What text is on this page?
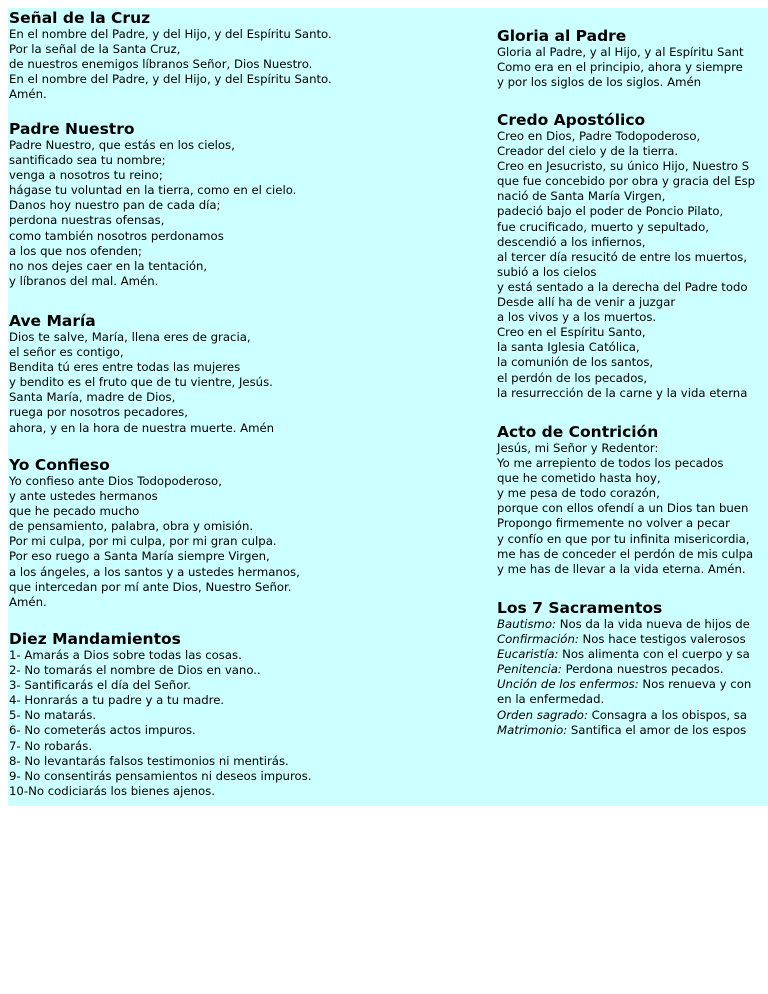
Señal de la Cruz
En el nombre del Padre, y del Hijo, y del Espíritu Santo.
Por la señal de la Santa Cruz,
de nuestros enemigos líbranos Señor, Dios Nuestro.
En el nombre del Padre, y del Hijo, y del Espíritu Santo.
Amén.
Padre Nuestro
Padre Nuestro, que estás en los cielos,
santificado sea tu nombre;
venga a nosotros tu reino;
hágase tu voluntad en la tierra, como en el cielo.
Danos hoy nuestro pan de cada día;
perdona nuestras ofensas,
como también nosotros perdonamos
a los que nos ofenden;
no nos dejes caer en la tentación,
y líbranos del mal. Amén.
Ave María
Dios te salve, María, llena eres de gracia,
el señor es contigo,
Bendita tú eres entre todas las mujeres
y bendito es el fruto que de tu vientre, Jesús.
Santa María, madre de Dios,
ruega por nosotros pecadores,
ahora, y en la hora de nuestra muerte. Amén
Yo Confieso
Yo confieso ante Dios Todopoderoso,
y ante ustedes hermanos
que he pecado mucho
de pensamiento, palabra, obra y omisión.
Por mi culpa, por mi culpa, por mi gran culpa.
Por eso ruego a Santa María siempre Virgen,
a los ángeles, a los santos y a ustedes hermanos,
que intercedan por mí ante Dios, Nuestro Señor.
Amén.
Diez Mandamientos
1- Amarás a Dios sobre todas las cosas.
2- No tomarás el nombre de Dios en vano..
3- Santificarás el día del Señor.
4- Honrarás a tu padre y a tu madre.
5- No matarás.
6- No cometerás actos impuros.
7- No robarás.
8- No levantarás falsos testimonios ni mentirás.
9- No consentirás pensamientos ni deseos impuros.
10-No codiciarás los bienes ajenos.
Gloria al Padre
Gloria al Padre, y al Hijo, y al Espíritu Sant
Como era en el principio, ahora y siempre
y por los siglos de los siglos. Amén
Credo Apostólico
Creo en Dios, Padre Todopoderoso,
Creador del cielo y de la tierra.
Creo en Jesucristo, su único Hijo, Nuestro S
que fue concebido por obra y gracia del Esp
nació de Santa María Virgen,
padeció bajo el poder de Poncio Pilato,
fue crucificado, muerto y sepultado,
descendió a los infiernos,
al tercer día resucitó de entre los muertos,
subió a los cielos
y está sentado a la derecha del Padre todo
Desde allí ha de venir a juzgar
a los vivos y a los muertos.
Creo en el Espíritu Santo,
la santa Iglesia Católica,
la comunión de los santos,
el perdón de los pecados,
la resurrección de la carne y la vida eterna
Acto de Contrición
Jesús, mi Señor y Redentor:
Yo me arrepiento de todos los pecados
que he cometido hasta hoy,
y me pesa de todo corazón,
porque con ellos ofendí a un Dios tan buen
Propongo firmemente no volver a pecar
y confío en que por tu infinita misericordia,
me has de conceder el perdón de mis culpa
y me has de llevar a la vida eterna. Amén.
Los 7 Sacramentos
Bautismo: Nos da la vida nueva de hijos de
Confirmación: Nos hace testigos valerosos
Eucaristía: Nos alimenta con el cuerpo y sa
Penitencia: Perdona nuestros pecados.
Unción de los enfermos: Nos renueva y con
en la enfermedad.
Orden sagrado: Consagra a los obispos, sa
Matrimonio: Santifica el amor de los espos
